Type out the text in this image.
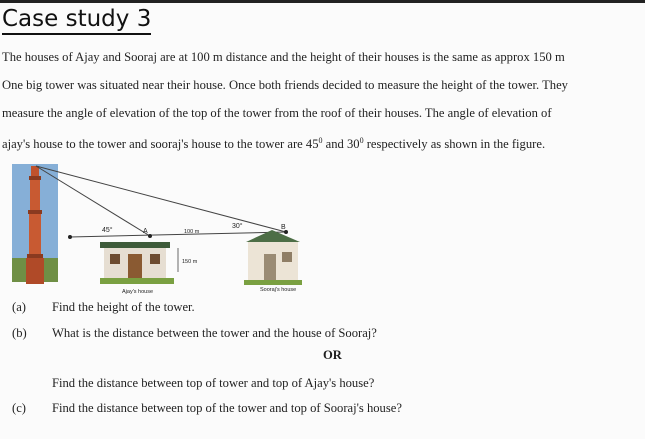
Case study 3
The houses of Ajay and Sooraj are at 100 m distance and the height of their houses is the same as approx 150 m
One big tower was situated near their house. Once both friends decided to measure the height of the tower. They
measure the angle of elevation of the top of the tower from the roof of their houses. The angle of elevation of
ajay's house to the tower and sooraj's house to the tower are $45^0$ and $30^0$ respectively as shown in the figure.
A
B
45°
30°
100 m
150 m
Ajay's house	Sooraj's house
(a) Find the height of the tower.
(b) What is the distance between the tower and the house of Sooraj?
OR
Find the distance between top of tower and top of Ajay's house?
(c) Find the distance between top of the tower and top of Sooraj's house?
